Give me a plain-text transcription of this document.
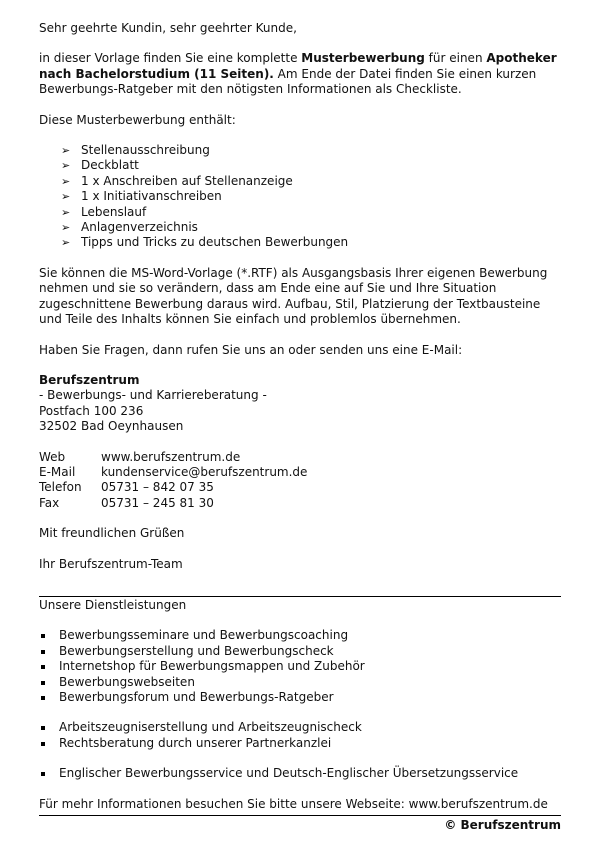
Sehr geehrte Kundin, sehr geehrter Kunde,

in dieser Vorlage finden Sie eine komplette Musterbewerbung für einen Apotheker nach Bachelorstudium (11 Seiten). Am Ende der Datei finden Sie einen kurzen Bewerbungs-Ratgeber mit den nötigsten Informationen als Checkliste.

Diese Musterbewerbung enthält:

➢ Stellenausschreibung
➢ Deckblatt
➢ 1 x Anschreiben auf Stellenanzeige
➢ 1 x Initiativanschreiben
➢ Lebenslauf
➢ Anlagenverzeichnis
➢ Tipps und Tricks zu deutschen Bewerbungen

Sie können die MS-Word-Vorlage (*.RTF) als Ausgangsbasis Ihrer eigenen Bewerbung nehmen und sie so verändern, dass am Ende eine auf Sie und Ihre Situation zugeschnittene Bewerbung daraus wird. Aufbau, Stil, Platzierung der Textbausteine und Teile des Inhalts können Sie einfach und problemlos übernehmen.

Haben Sie Fragen, dann rufen Sie uns an oder senden uns eine E-Mail:

Berufszentrum

- Bewerbungs- und Karriereberatung -

Postfach 100 236

32502 Bad Oeynhausen

Web	www.berufszentrum.de
E-Mail	kundenservice@berufszentrum.de
Telefon	05731 – 842 07 35
Fax	05731 – 245 81 30

Mit freundlichen Grüßen

Ihr Berufszentrum-Team

Unsere Dienstleistungen

Bewerbungsseminare und Bewerbungscoaching
Bewerbungserstellung und Bewerbungscheck
Internetshop für Bewerbungsmappen und Zubehör
Bewerbungswebseiten
Bewerbungsforum und Bewerbungs-Ratgeber
Arbeitszeugniserstellung und Arbeitszeugnischeck
Rechtsberatung durch unserer Partnerkanzlei
Englischer Bewerbungsservice und Deutsch-Englischer Übersetzungsservice

Für mehr Informationen besuchen Sie bitte unsere Webseite: www.berufszentrum.de

© Berufszentrum
